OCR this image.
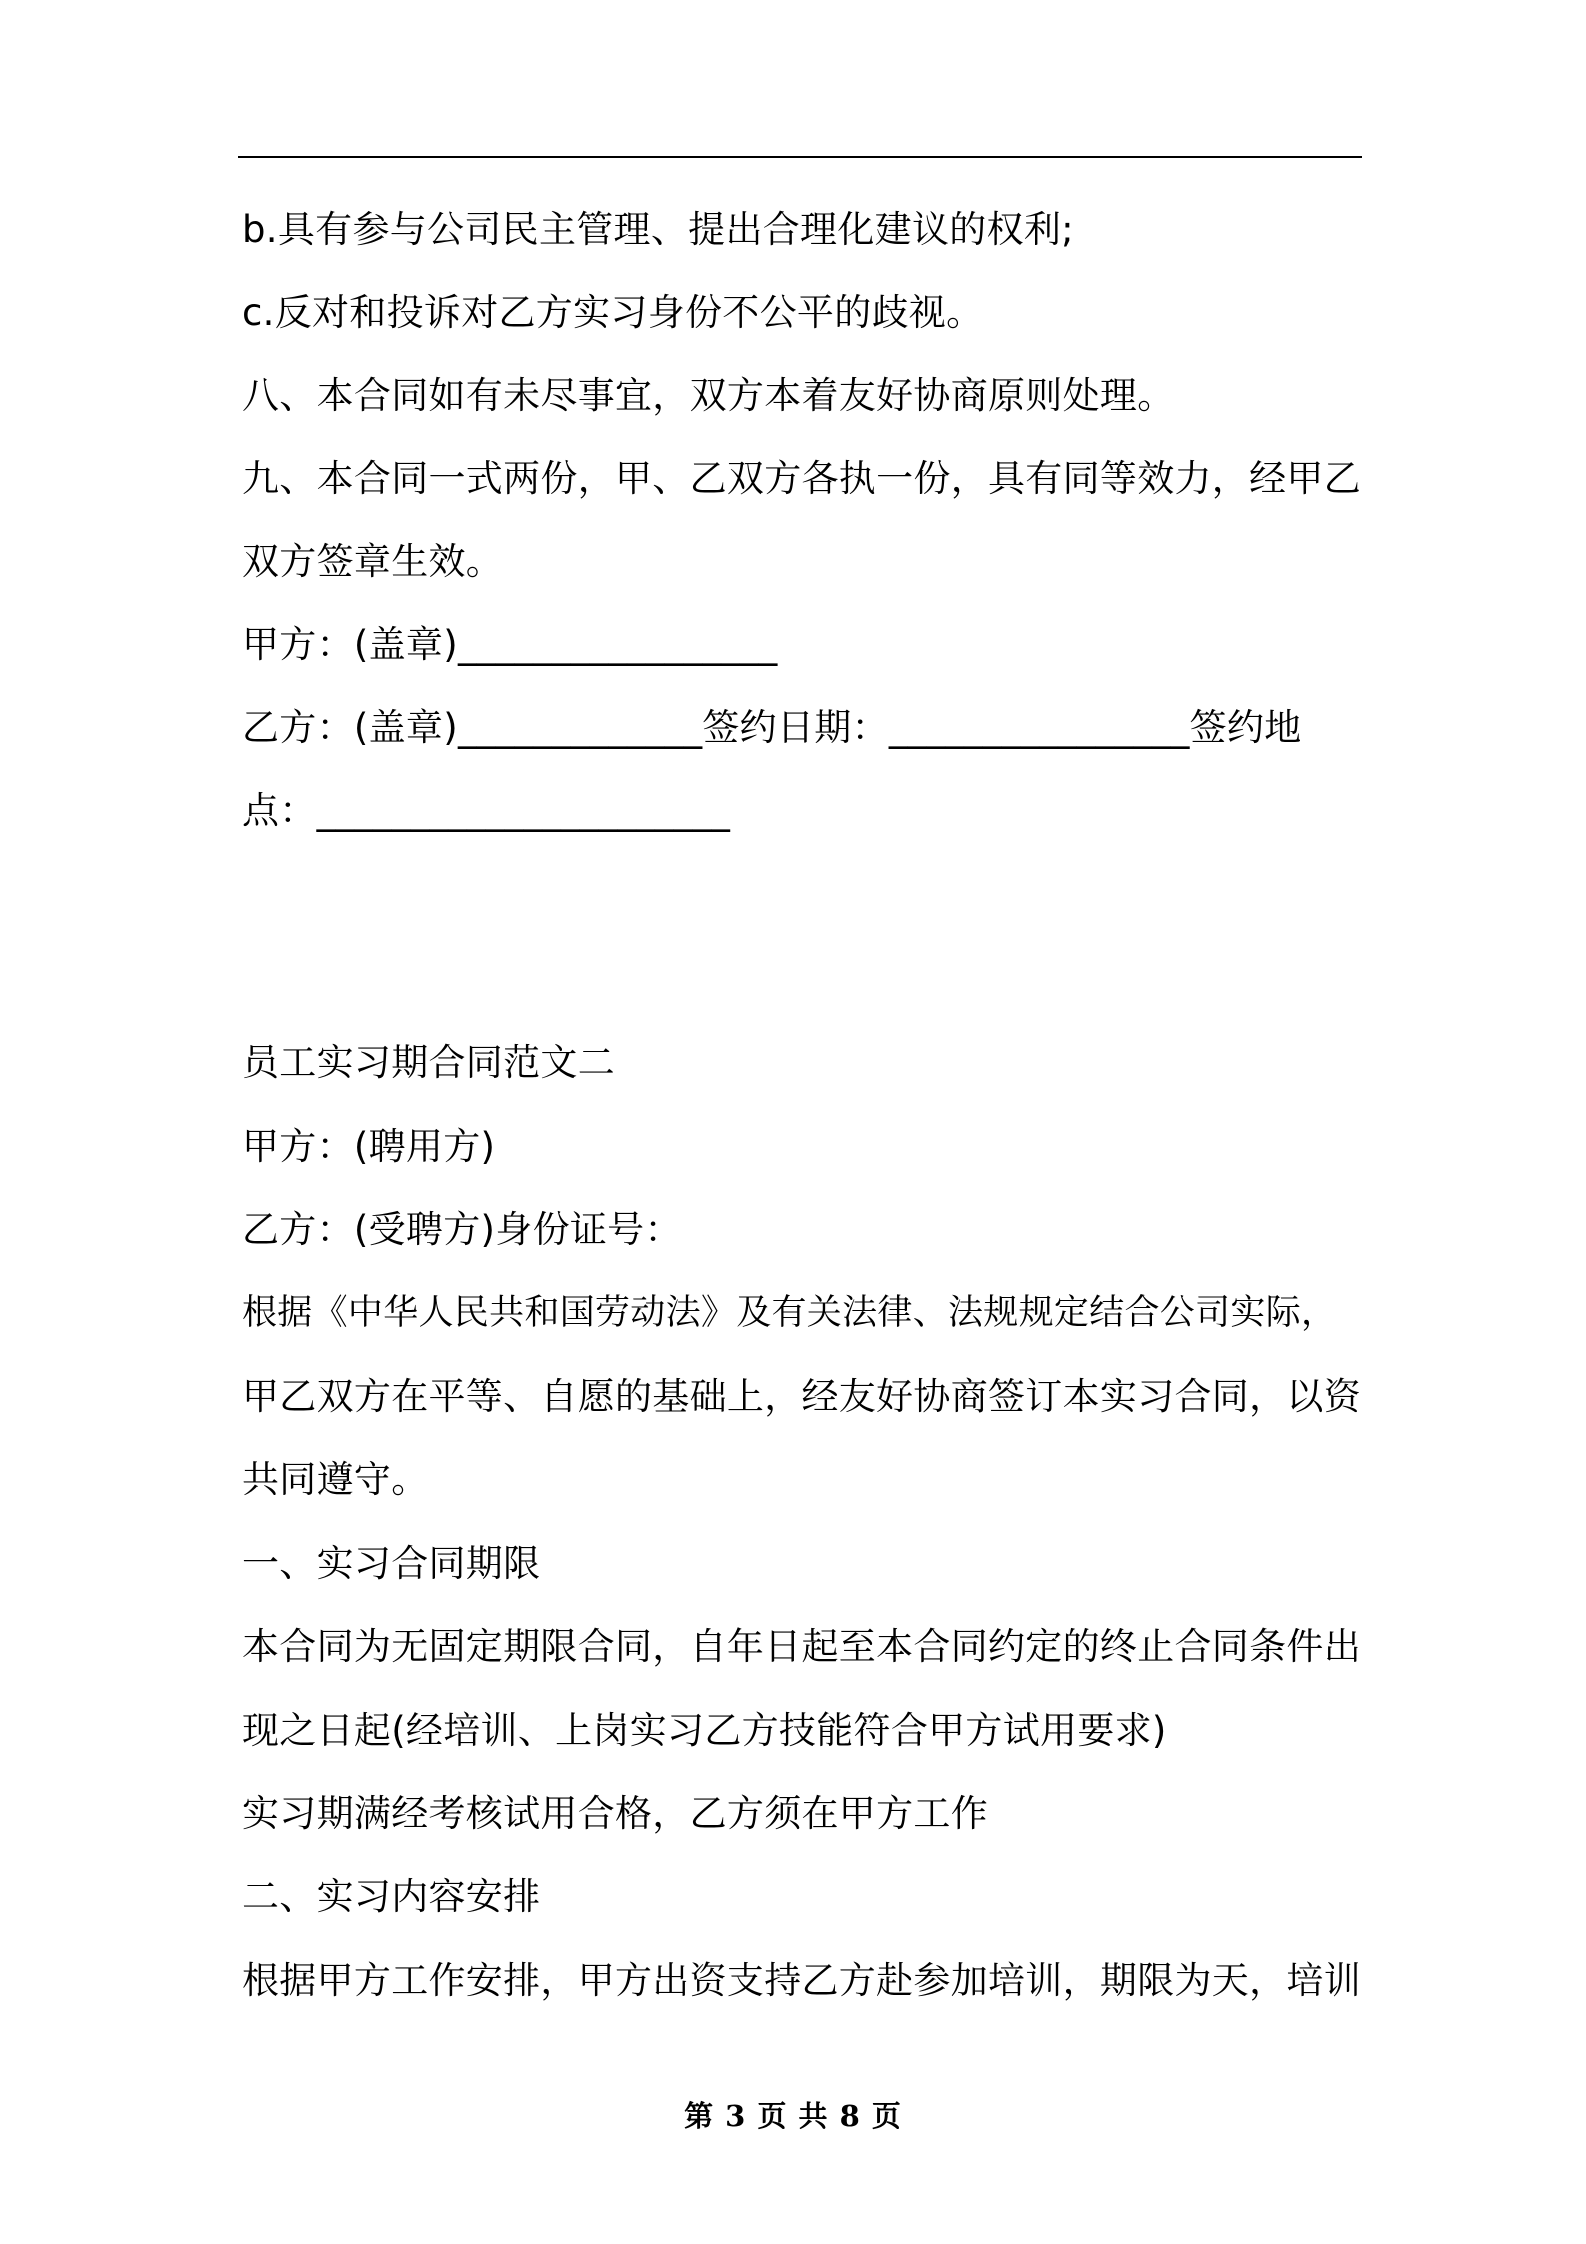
b.具有参与公司民主管理、提出合理化建议的权利;
c.反对和投诉对乙方实习身份不公平的歧视。
八、本合同如有未尽事宜，双方本着友好协商原则处理。
九、本合同一式两份，甲、乙双方各执一份，具有同等效力，经甲乙
双方签章生效。
甲方：(盖章)_________________
乙方：(盖章)_____________签约日期：________________签约地
点：______________________
员工实习期合同范文二
甲方：(聘用方)
乙方：(受聘方)身份证号：
根据《中华人民共和国劳动法》及有关法律、法规规定结合公司实际，
甲乙双方在平等、自愿的基础上，经友好协商签订本实习合同，以资
共同遵守。
一、实习合同期限
本合同为无固定期限合同，自年日起至本合同约定的终止合同条件出
现之日起(经培训、上岗实习乙方技能符合甲方试用要求)
实习期满经考核试用合格，乙方须在甲方工作
二、实习内容安排
根据甲方工作安排，甲方出资支持乙方赴参加培训，期限为天，培训
第 3 页 共 8 页
